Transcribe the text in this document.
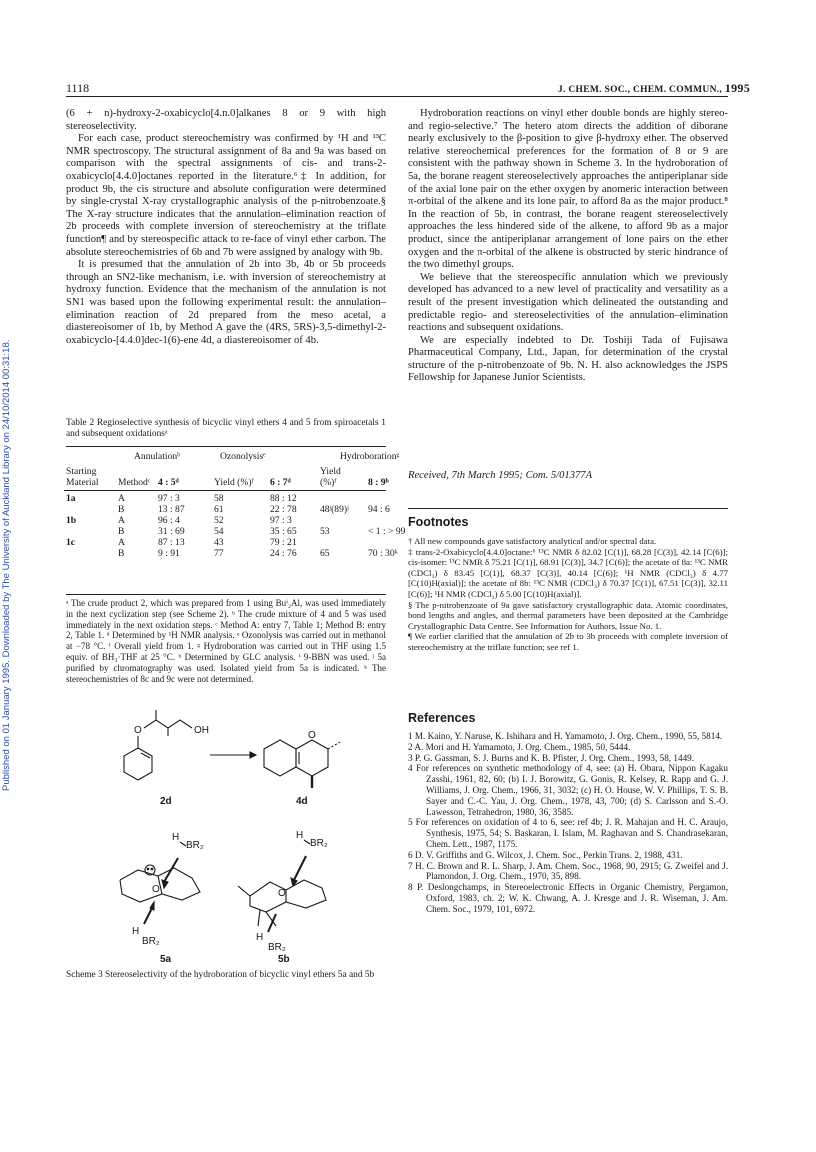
1118	J. CHEM. SOC., CHEM. COMMUN., 1995
Published on 01 January 1995. Downloaded by The University of Auckland Library on 24/10/2014 00:31:18.

(6 + n)-hydroxy-2-oxabicyclo[4.n.0]alkanes 8 or 9 with high stereoselectivity.

For each case, product stereochemistry was confirmed by ¹H and ¹³C NMR spectroscopy. The structural assignment of 8a and 9a was based on comparison with the spectral assignments of cis- and trans-2-oxabicyclo[4.4.0]octanes reported in the literature.⁶‡ In addition, for product 9b, the cis structure and absolute configuration were determined by single-crystal X-ray crystallographic analysis of the p-nitrobenzoate.§ The X-ray structure indicates that the annulation–elimination reaction of 2b proceeds with complete inversion of stereochemistry at the triflate function¶ and by stereospecific attack to re-face of vinyl ether carbon. The absolute stereochemistries of 6b and 7b were assigned by analogy with 9b.

It is presumed that the annulation of 2b into 3b, 4b or 5b proceeds through an SN2-like mechanism, i.e. with inversion of stereochemistry at hydroxy function. Evidence that the mechanism of the annulation is not SN1 was based upon the following experimental result: the annulation–elimination reaction of 2d prepared from the meso acetal, a diastereoisomer of 1b, by Method A gave the (4RS, 5RS)-3,5-dimethyl-2-oxabicyclo-[4.4.0]dec-1(6)-ene 4d, a diastereoisomer of 4b.

Table 2 Regioselective synthesis of bicyclic vinyl ethers 4 and 5 from spiroacetals 1 and subsequent oxidationsᵃ
	Annulationᵇ		Ozonolysisᵉ		Hydroborationᵍ	
Starting Material	Methodᶜ	4 : 5ᵈ	Yield (%)ᶠ	6 : 7ᵈ	Yield (%)ᶠ	8 : 9ʰ

1a	A	97 : 3	58	88 : 12		
	B	13 : 87	61	22 : 78	48ʲ(89)ʲ	94 : 6
1b	A	96 : 4	52	97 : 3		
	B	31 : 69	54	35 : 65	53	< 1 : > 99
1c	A	87 : 13	43	79 : 21		
	B	9 : 91	77	24 : 76	65	70 : 30ᵏ
ᵃ The crude product 2, which was prepared from 1 using Buⁱ₂Al, was used immediately in the next cyclization step (see Scheme 2). ᵇ The crude mixture of 4 and 5 was used immediately in the next oxidation steps. ᶜ Method A: entry 7, Table 1; Method B: entry 2, Table 1. ᵈ Determined by ¹H NMR analysis. ᵉ Ozonolysis was carried out in methanol at −78 °C. ᶠ Overall yield from 1. ᵍ Hydroboration was carried out in THF using 1.5 equiv. of BH₃·THF at 25 °C. ʰ Determined by GLC analysis. ⁱ 9-BBN was used. ʲ 5a purified by chromatography was used. Isolated yield from 5a is indicated. ᵏ The stereochemistries of 8c and 9c were not determined.
O	OH
2d
O
4d
H
BR₂
O
H
BR₂
5a
H
BR₂
O
H
BR₂
5b
Scheme 3 Stereoselectivity of the hydroboration of bicyclic vinyl ethers 5a and 5b

Hydroboration reactions on vinyl ether double bonds are highly stereo- and regio-selective.⁷ The hetero atom directs the addition of diborane nearly exclusively to the β-position to give β-hydroxy ether. The observed relative stereochemical preferences for the formation of 8 or 9 are consistent with the pathway shown in Scheme 3. In the hydroboration of 5a, the borane reagent stereoselectively approaches the antiperiplanar side of the axial lone pair on the ether oxygen by anomeric interaction between π-orbital of the alkene and its lone pair, to afford 8a as the major product.⁸ In the reaction of 5b, in contrast, the borane reagent stereoselectively approaches the less hindered side of the alkene, to afford 9b as a major product, since the antiperiplanar arrangement of lone pairs on the ether oxygen and the π-orbital of the alkene is obstructed by steric hindrance of the two dimethyl groups.

We believe that the stereospecific annulation which we previously developed has advanced to a new level of practicality and versatility as a result of the present investigation which delineated the outstanding and predictable regio- and stereoselectivities of the annulation–elimination reactions and subsequent oxidations.

We are especially indebted to Dr. Toshiji Tada of Fujisawa Pharmaceutical Company, Ltd., Japan, for determination of the crystal structure of the p-nitrobenzoate of 9b. N. H. also acknowledges the JSPS Fellowship for Japanese Junior Scientists.

Received, 7th March 1995; Com. 5/01377A
Footnotes

† All new compounds gave satisfactory analytical and/or spectral data.

‡ trans-2-Oxabicyclo[4.4.0]octane:⁶ ¹³C NMR δ 82.02 [C(1)], 68.28 [C(3)], 42.14 [C(6)]; cis-isomer: ¹³C NMR δ 75.21 [C(1)], 68.91 [C(3)], 34.7 [C(6)]; the acetate of 8a: ¹³C NMR (CDCl₃) δ 83.45 [C(1)], 68.37 [C(3)], 40.14 [C(6)]; ¹H NMR (CDCl₃) δ 4.77 [C(10)H(axial)]; the acetate of 8b: ¹³C NMR (CDCl₃) δ 70.37 [C(1)], 67.51 [C(3)], 32.11 [C(6)]; ¹H NMR (CDCl₃) δ 5.00 [C(10)H(axial)].

§ The p-nitrobenzoate of 9a gave satisfactory crystallographic data. Atomic coordinates, bond lengths and angles, and thermal parameters have been deposited at the Cambridge Crystallographic Data Centre. See Information for Authors, Issue No. 1.

¶ We earlier clarified that the annulation of 2b to 3b proceeds with complete inversion of stereochemistry at the triflate function; see ref 1.

References

1 M. Kaino, Y. Naruse, K. Ishihara and H. Yamamoto, J. Org. Chem., 1990, 55, 5814.

2 A. Mori and H. Yamamoto, J. Org. Chem., 1985, 50, 5444.

3 P. G. Gassman, S. J. Burns and K. B. Pfister, J. Org. Chem., 1993, 58, 1449.

4 For references on synthetic methodology of 4, see: (a) H. Obara, Nippon Kagaku Zasshi, 1961, 82, 60; (b) I. J. Borowitz, G. Gonis, R. Kelsey, R. Rapp and G. J. Williams, J. Org. Chem., 1966, 31, 3032; (c) H. O. House, W. V. Phillips, T. S. B. Sayer and C.-C. Yau, J. Org. Chem., 1978, 43, 700; (d) S. Carlsson and S.-O. Lawesson, Tetrahedron, 1980, 36, 3585.

5 For references on oxidation of 4 to 6, see: ref 4b; J. R. Mahajan and H. C. Araujo, Synthesis, 1975, 54; S. Baskaran, I. Islam, M. Raghavan and S. Chandrasekaran, Chem. Lett., 1987, 1175.

6 D. V. Griffiths and G. Wilcox, J. Chem. Soc., Perkin Trans. 2, 1988, 431.

7 H. C. Brown and R. L. Sharp, J. Am. Chem. Soc., 1968, 90, 2915; G. Zweifel and J. Plamondon, J. Org. Chem., 1970, 35, 898.

8 P. Deslongchamps, in Stereoelectronic Effects in Organic Chemistry, Pergamon, Oxford, 1983, ch. 2; W. K. Chwang, A. J. Kresge and J. R. Wiseman, J. Am. Chem. Soc., 1979, 101, 6972.
